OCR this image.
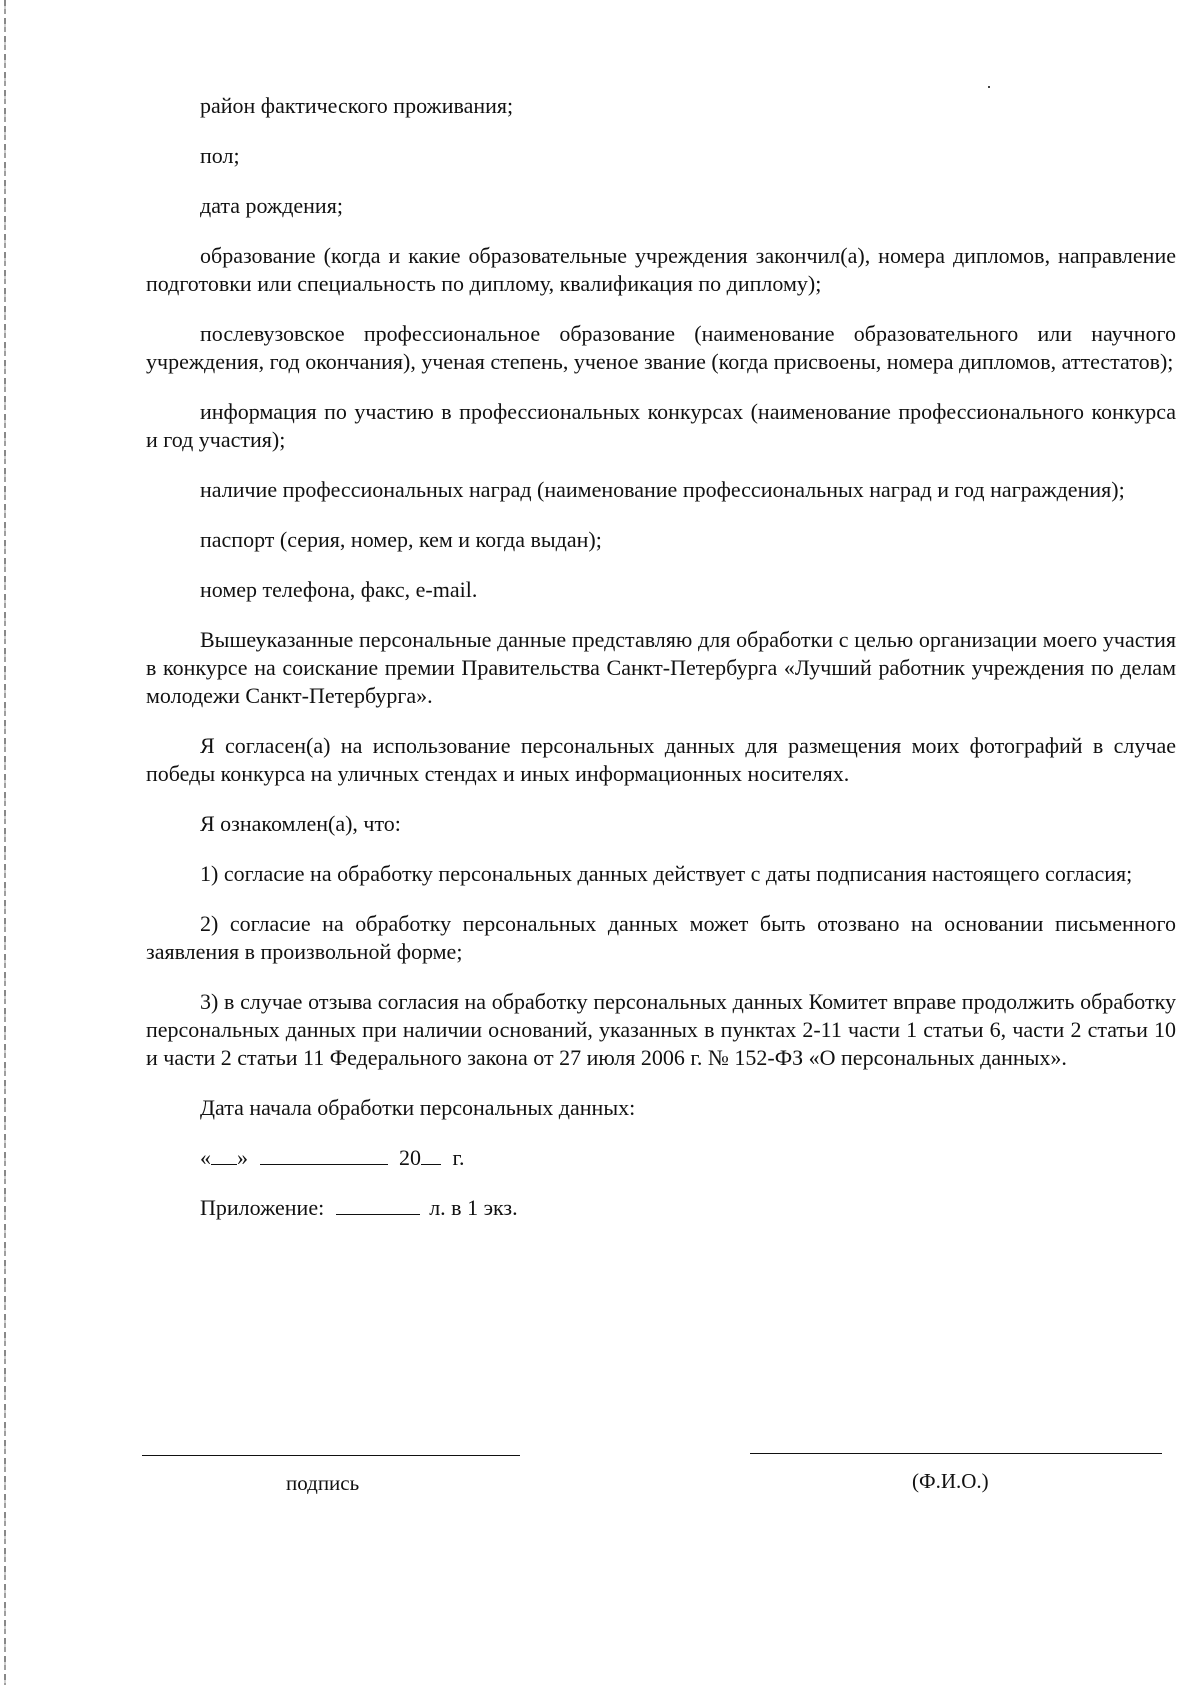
район фактического проживания;

пол;

дата рождения;

образование (когда и какие образовательные учреждения закончил(а), номера дипломов, направление подготовки или специальность по диплому, квалификация по диплому);

послевузовское профессиональное образование (наименование образовательного или научного учреждения, год окончания), ученая степень, ученое звание (когда присвоены, номера дипломов, аттестатов);

информация по участию в профессиональных конкурсах (наименование профессионального конкурса и год участия);

наличие профессиональных наград (наименование профессиональных наград и год награждения);

паспорт (серия, номер, кем и когда выдан);

номер телефона, факс, e-mail.

Вышеуказанные персональные данные представляю для обработки с целью организации моего участия в конкурсе на соискание премии Правительства Санкт-Петербурга «Лучший работник учреждения по делам молодежи Санкт-Петербурга».

Я согласен(а) на использование персональных данных для размещения моих фотографий в случае победы конкурса на уличных стендах и иных информационных носителях.

Я ознакомлен(а), что:

1) согласие на обработку персональных данных действует с даты подписания настоящего согласия;

2) согласие на обработку персональных данных может быть отозвано на основании письменного заявления в произвольной форме;

3) в случае отзыва согласия на обработку персональных данных Комитет вправе продолжить обработку персональных данных при наличии оснований, указанных в пунктах 2-11 части 1 статьи 6, части 2 статьи 10 и части 2 статьи 11 Федерального закона от 27 июля 2006 г. № 152-ФЗ «О персональных данных».

Дата начала обработки персональных данных:

« »	20 г.
Приложение:	л. в 1 экз.
подпись	(Ф.И.О.)
